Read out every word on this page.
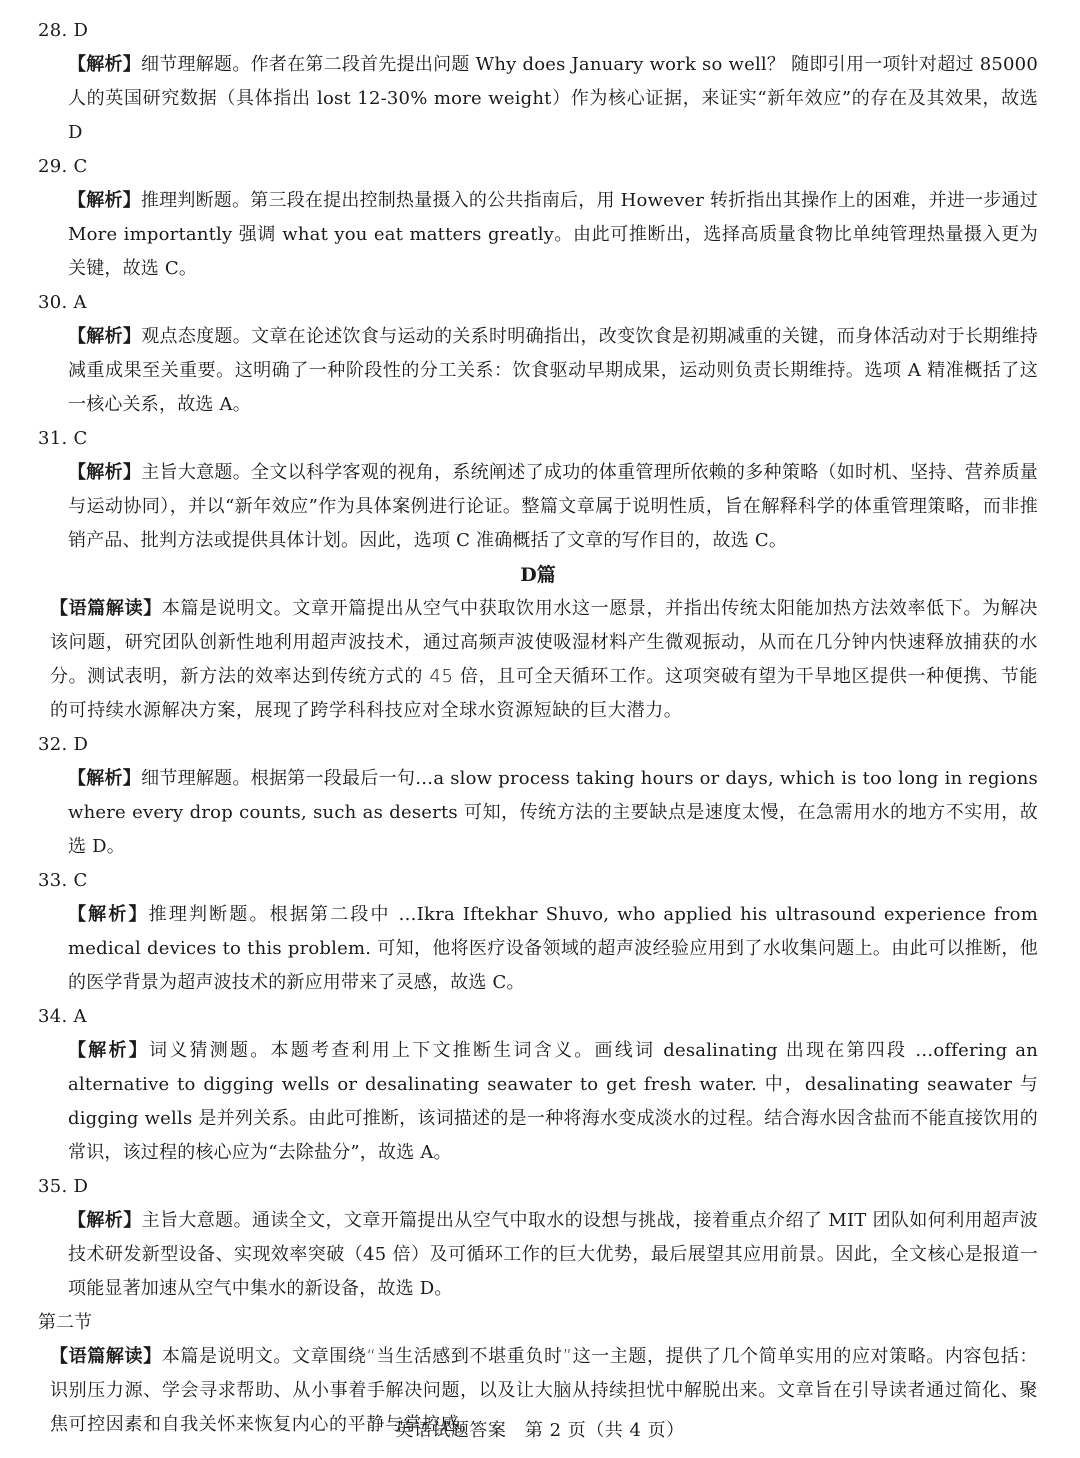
28. D

【解析】细节理解题。作者在第二段首先提出问题 Why does January work so well？ 随即引用一项针对超过 85000 人的英国研究数据（具体指出 lost 12-30% more weight）作为核心证据，来证实“新年效应”的存在及其效果，故选 D

29. C

【解析】推理判断题。第三段在提出控制热量摄入的公共指南后，用 However 转折指出其操作上的困难，并进一步通过 More importantly 强调 what you eat matters greatly。由此可推断出，选择高质量食物比单纯管理热量摄入更为关键，故选 C。

30. A

【解析】观点态度题。文章在论述饮食与运动的关系时明确指出，改变饮食是初期减重的关键，而身体活动对于长期维持减重成果至关重要。这明确了一种阶段性的分工关系：饮食驱动早期成果，运动则负责长期维持。选项 A 精准概括了这一核心关系，故选 A。

31. C

【解析】主旨大意题。全文以科学客观的视角，系统阐述了成功的体重管理所依赖的多种策略（如时机、坚持、营养质量与运动协同），并以“新年效应”作为具体案例进行论证。整篇文章属于说明性质，旨在解释科学的体重管理策略，而非推销产品、批判方法或提供具体计划。因此，选项 C 准确概括了文章的写作目的，故选 C。

D篇

【语篇解读】本篇是说明文。文章开篇提出从空气中获取饮用水这一愿景，并指出传统太阳能加热方法效率低下。为解决该问题，研究团队创新性地利用超声波技术，通过高频声波使吸湿材料产生微观振动，从而在几分钟内快速释放捕获的水分。测试表明，新方法的效率达到传统方式的 45 倍，且可全天循环工作。这项突破有望为干旱地区提供一种便携、节能的可持续水源解决方案，展现了跨学科科技应对全球水资源短缺的巨大潜力。

32. D

【解析】细节理解题。根据第一段最后一句…a slow process taking hours or days, which is too long in regions where every drop counts, such as deserts 可知，传统方法的主要缺点是速度太慢，在急需用水的地方不实用，故选 D。

33. C

【解析】推理判断题。根据第二段中 …Ikra Iftekhar Shuvo, who applied his ultrasound experience from medical devices to this problem. 可知，他将医疗设备领域的超声波经验应用到了水收集问题上。由此可以推断，他的医学背景为超声波技术的新应用带来了灵感，故选 C。

34. A

【解析】词义猜测题。本题考查利用上下文推断生词含义。画线词 desalinating 出现在第四段 …offering an alternative to digging wells or desalinating seawater to get fresh water. 中，desalinating seawater 与 digging wells 是并列关系。由此可推断，该词描述的是一种将海水变成淡水的过程。结合海水因含盐而不能直接饮用的常识，该过程的核心应为“去除盐分”，故选 A。

35. D

【解析】主旨大意题。通读全文，文章开篇提出从空气中取水的设想与挑战，接着重点介绍了 MIT 团队如何利用超声波技术研发新型设备、实现效率突破（45 倍）及可循环工作的巨大优势，最后展望其应用前景。因此，全文核心是报道一项能显著加速从空气中集水的新设备，故选 D。

第二节

【语篇解读】本篇是说明文。文章围绕“当生活感到不堪重负时”这一主题，提供了几个简单实用的应对策略。内容包括：识别压力源、学会寻求帮助、从小事着手解决问题，以及让大脑从持续担忧中解脱出来。文章旨在引导读者通过简化、聚焦可控因素和自我关怀来恢复内心的平静与掌控感。

英语试题答案　第 2 页（共 4 页）
